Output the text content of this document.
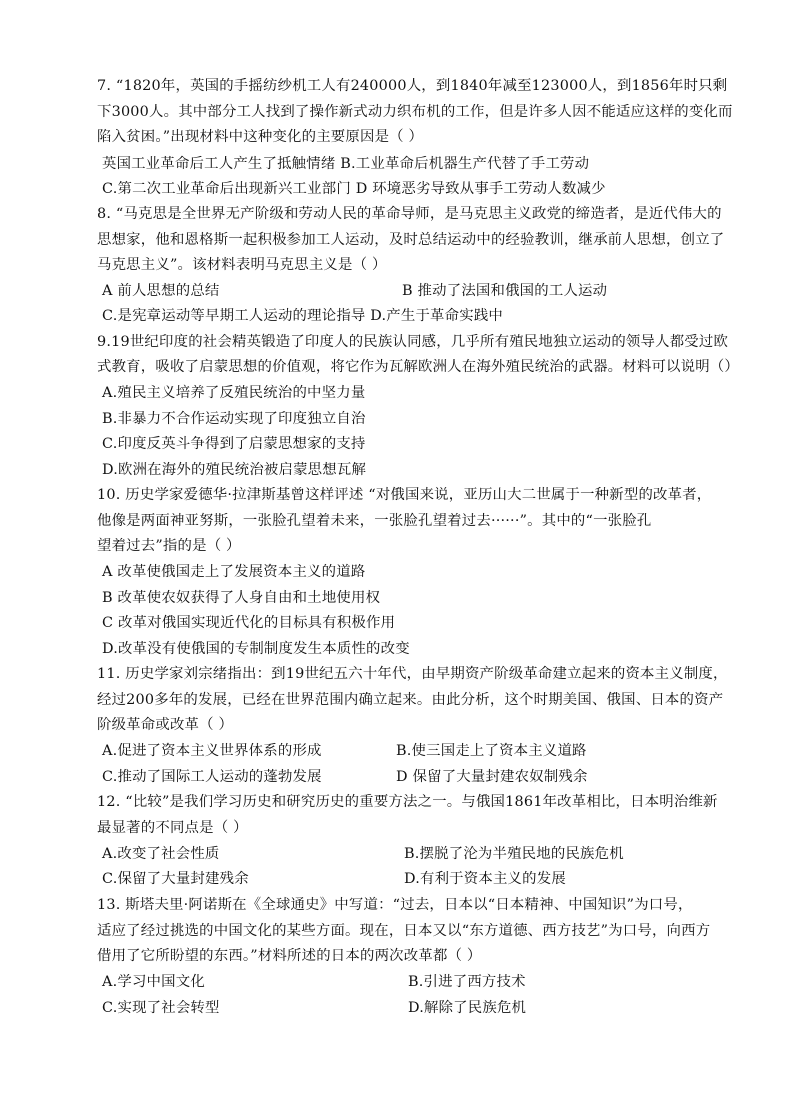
7. “1820年，英国的手摇纺纱机工人有240000人，到1840年减至123000人，到1856年时只剩
下3000人。其中部分工人找到了操作新式动力织布机的工作，但是许多人因不能适应这样的变化而
陷入贫困。”出现材料中这种变化的主要原因是（ ）
英国工业革命后工人产生了抵触情绪 B.工业革命后机器生产代替了手工劳动
C.第二次工业革命后出现新兴工业部门 D 环境恶劣导致从事手工劳动人数减少
8. “马克思是全世界无产阶级和劳动人民的革命导师，是马克思主义政党的缔造者，是近代伟大的
思想家，他和恩格斯一起积极参加工人运动，及时总结运动中的经验教训，继承前人思想，创立了
马克思主义”。该材料表明马克思主义是（ ）
A 前人思想的总结	B 推动了法国和俄国的工人运动
C.是宪章运动等早期工人运动的理论指导 D.产生于革命实践中
9.19世纪印度的社会精英锻造了印度人的民族认同感，几乎所有殖民地独立运动的领导人都受过欧
式教育，吸收了启蒙思想的价值观，将它作为瓦解欧洲人在海外殖民统治的武器。材料可以说明（）
A.殖民主义培养了反殖民统治的中坚力量
B.非暴力不合作运动实现了印度独立自治
C.印度反英斗争得到了启蒙思想家的支持
D.欧洲在海外的殖民统治被启蒙思想瓦解
10. 历史学家爱德华·拉津斯基曾这样评述 “对俄国来说，亚历山大二世属于一种新型的改革者，
他像是两面神亚努斯，一张脸孔望着未来，一张脸孔望着过去······”。其中的“一张脸孔
望着过去”指的是（ ）
A 改革使俄国走上了发展资本主义的道路
B 改革使农奴获得了人身自由和土地使用权
C 改革对俄国实现近代化的目标具有积极作用
D.改革没有使俄国的专制制度发生本质性的改变
11. 历史学家刘宗绪指出：到19世纪五六十年代，由早期资产阶级革命建立起来的资本主义制度，
经过200多年的发展，已经在世界范围内确立起来。由此分析，这个时期美国、俄国、日本的资产
阶级革命或改革（ ）
A.促进了资本主义世界体系的形成	B.使三国走上了资本主义道路
C.推动了国际工人运动的蓬勃发展	D 保留了大量封建农奴制残余
12. “比较”是我们学习历史和研究历史的重要方法之一。与俄国1861年改革相比，日本明治维新
最显著的不同点是（ ）
A.改变了社会性质	B.摆脱了沦为半殖民地的民族危机
C.保留了大量封建残余	D.有利于资本主义的发展
13. 斯塔夫里·阿诺斯在《全球通史》中写道：“过去，日本以“日本精神、中国知识”为口号，
适应了经过挑选的中国文化的某些方面。现在，日本又以“东方道德、西方技艺”为口号，向西方
借用了它所盼望的东西。”材料所述的日本的两次改革都（ ）
A.学习中国文化	B.引进了西方技术
C.实现了社会转型	D.解除了民族危机
